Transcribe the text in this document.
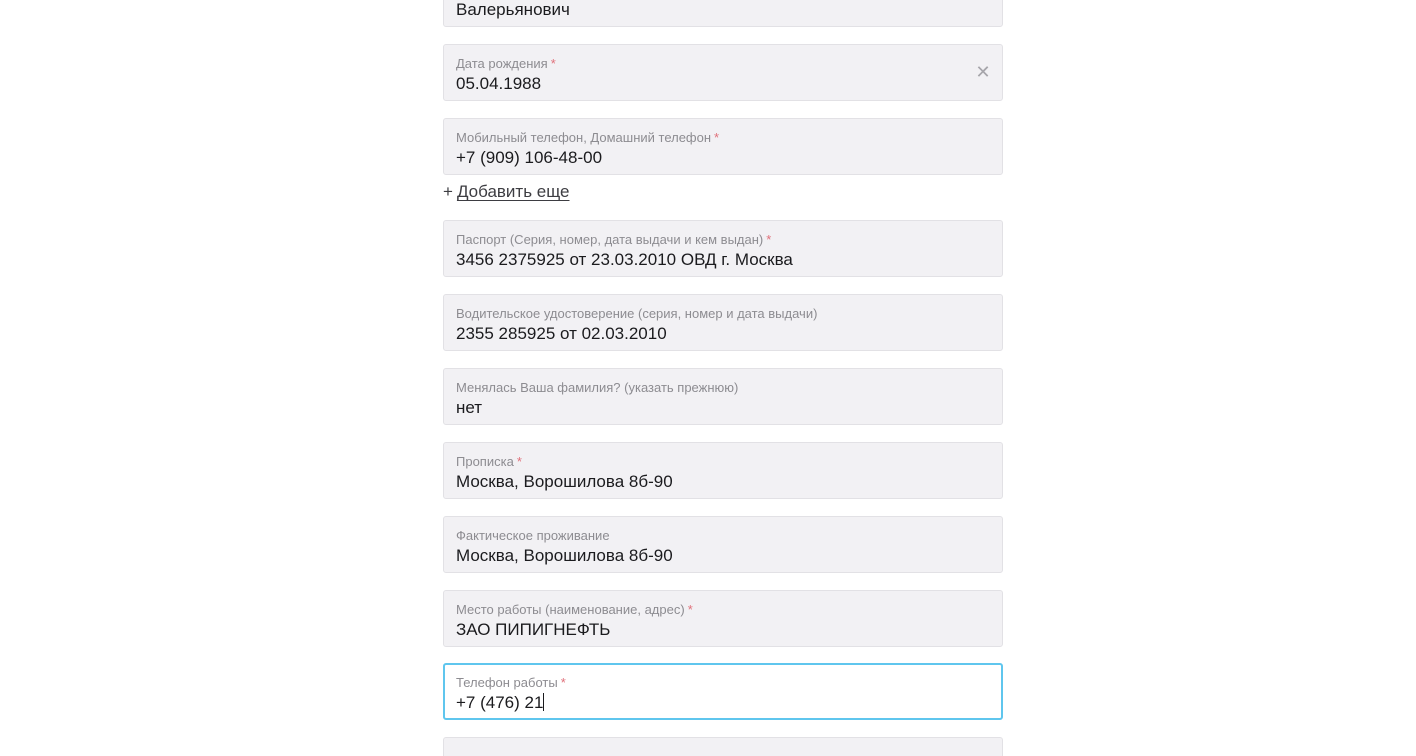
Валерьянович
Дата рождения *
05.04.1988
✕
Мобильный телефон, Домашний телефон *
+7 (909) 106-48-00
+ Добавить еще
Паспорт (Серия, номер, дата выдачи и кем выдан) *
3456 2375925 от 23.03.2010 ОВД г. Москва
Водительское удостоверение (серия, номер и дата выдачи)
2355 285925 от 02.03.2010
Менялась Ваша фамилия? (указать прежнюю)
нет
Прописка *
Москва, Ворошилова 8б-90
Фактическое проживание
Москва, Ворошилова 8б-90
Место работы (наименование, адрес) *
ЗАО ПИПИГНЕФТЬ
Телефон работы *
+7 (476) 21
